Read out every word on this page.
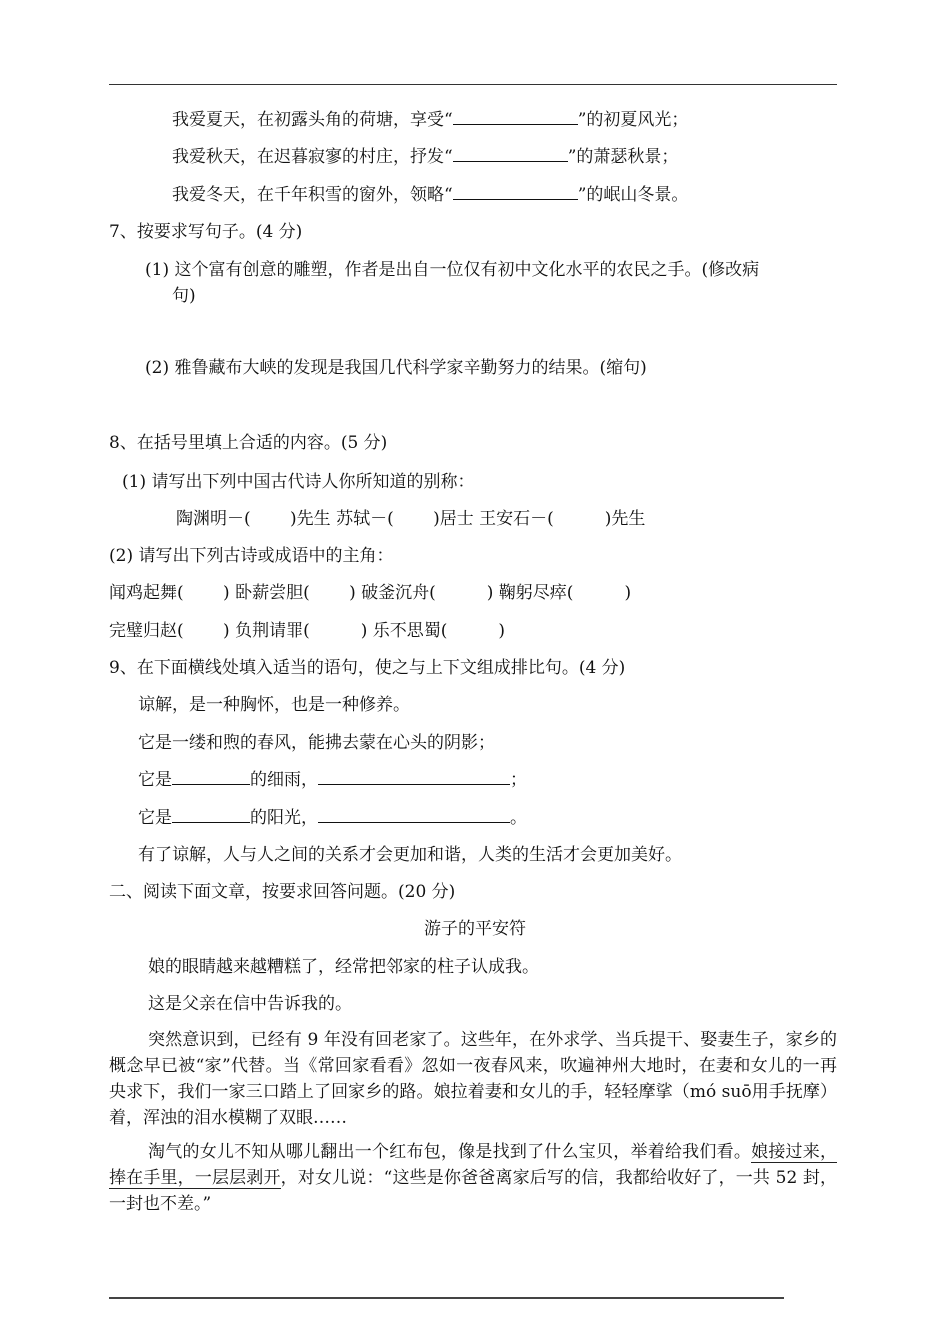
我爱夏天，在初露头角的荷塘，享受“	”的初夏风光；
我爱秋天，在迟暮寂寥的村庄，抒发“	”的萧瑟秋景；
我爱冬天，在千年积雪的窗外，领略“	”的岷山冬景。
7、按要求写句子。(4 分)
(1) 这个富有创意的雕塑，作者是出自一位仅有初中文化水平的农民之手。(修改病
句)
(2) 雅鲁藏布大峡的发现是我国几代科学家辛勤努力的结果。(缩句)
8、在括号里填上合适的内容。(5 分)
(1) 请写出下列中国古代诗人你所知道的别称：
陶渊明－(　　 )先生 苏轼－(　　 )居士 王安石－(　　　)先生
(2) 请写出下列古诗或成语中的主角：
闻鸡起舞(　　 ) 卧薪尝胆(　　 ) 破釜沉舟(　　　) 鞠躬尽瘁(　　　)
完璧归赵(　　 ) 负荆请罪(　　　) 乐不思蜀(　　　)
9、在下面横线处填入适当的语句，使之与上下文组成排比句。(4 分)
谅解，是一种胸怀，也是一种修养。
它是一缕和煦的春风，能拂去蒙在心头的阴影；
它是	的细雨，	；
它是	的阳光，	。
有了谅解，人与人之间的关系才会更加和谐，人类的生活才会更加美好。
二、阅读下面文章，按要求回答问题。(20 分)
游子的平安符
娘的眼睛越来越糟糕了，经常把邻家的柱子认成我。
这是父亲在信中告诉我的。
突然意识到，已经有 9 年没有回老家了。这些年，在外求学、当兵提干、娶妻生子，家乡的概念早已被“家”代替。当《常回家看看》忽如一夜春风来，吹遍神州大地时，在妻和女儿的一再央求下，我们一家三口踏上了回家乡的路。娘拉着妻和女儿的手，轻轻摩挲（mó suō用手抚摩）着，浑浊的泪水模糊了双眼……
淘气的女儿不知从哪儿翻出一个红布包，像是找到了什么宝贝，举着给我们看。娘接过来，捧在手里，一层层剥开，对女儿说：“这些是你爸爸离家后写的信，我都给收好了，一共 52 封，一封也不差。”
